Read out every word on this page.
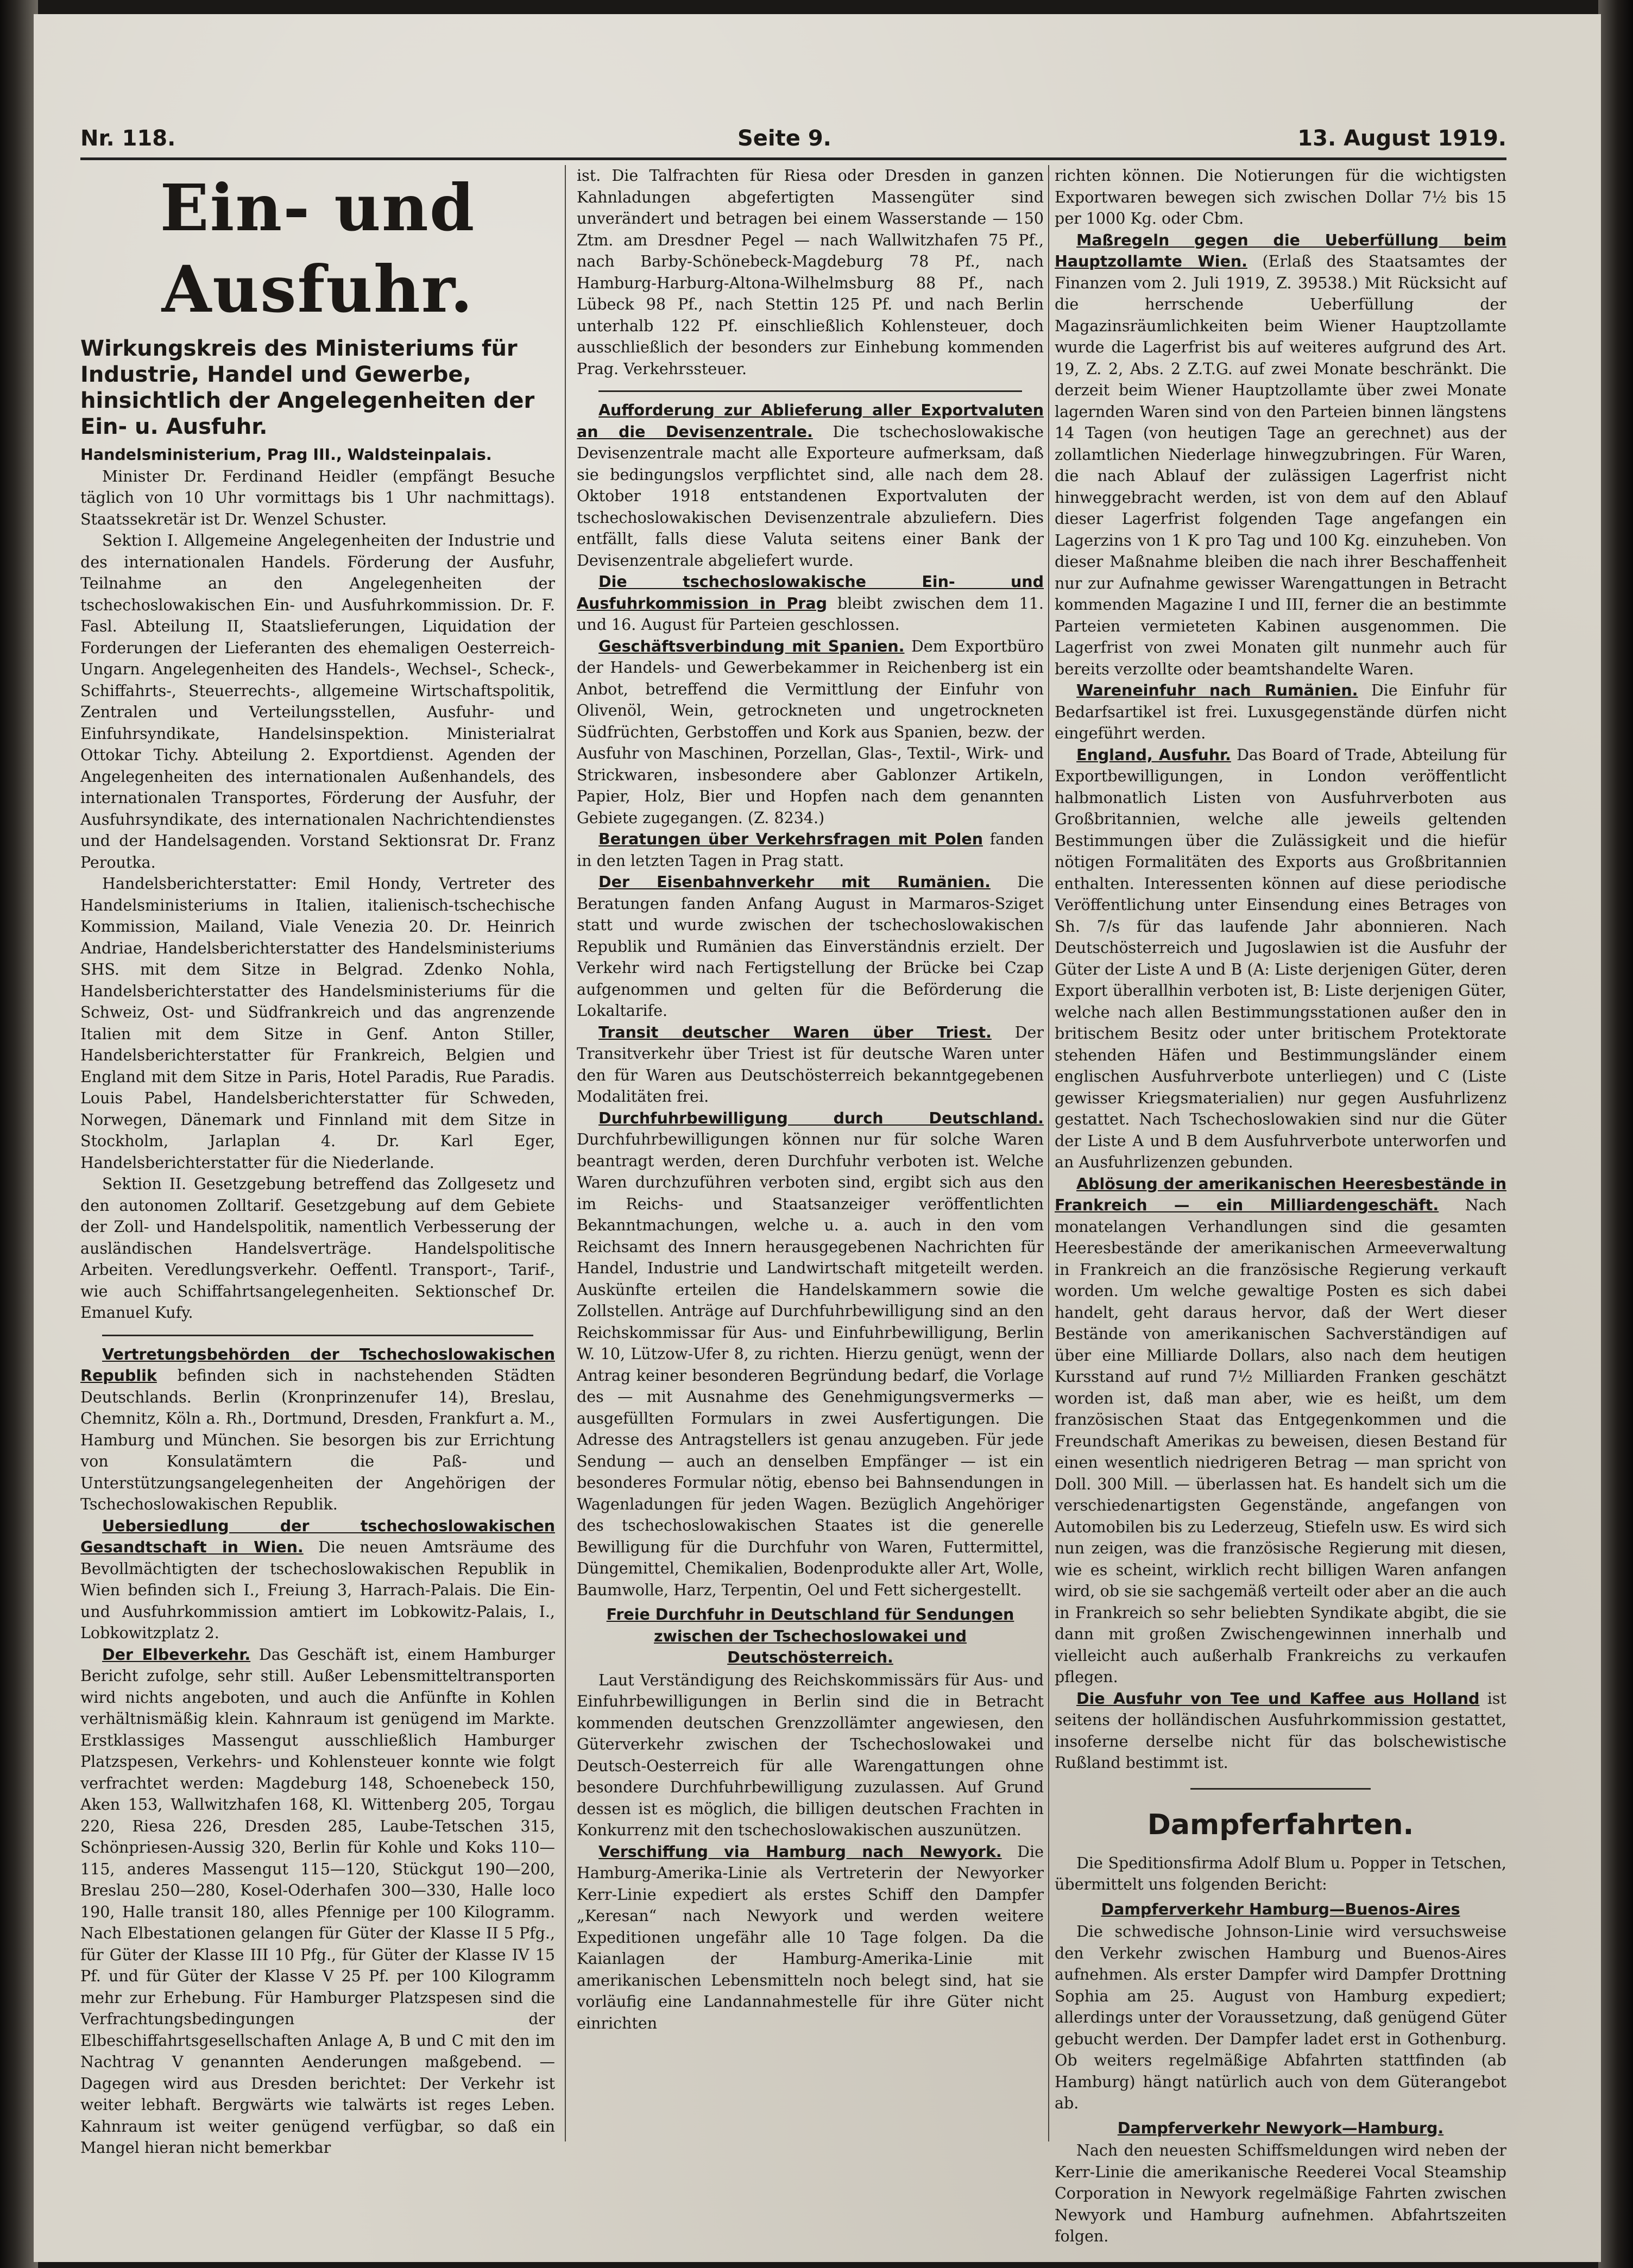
Nr. 118.	Seite 9.	13. August 1919.
Ein- und Ausfuhr.
Wirkungskreis des Ministeriums für Industrie, Handel und Gewerbe, hinsichtlich der Angelegenheiten der Ein- u. Ausfuhr.

Handelsministerium, Prag III., Waldsteinpalais.

Minister Dr. Ferdinand Heidler (empfängt Besuche täglich von 10 Uhr vormittags bis 1 Uhr nachmittags). Staatssekretär ist Dr. Wenzel Schuster.

Sektion I. Allgemeine Angelegenheiten der Industrie und des internationalen Handels. Förderung der Ausfuhr, Teilnahme an den Angelegenheiten der tschechoslowakischen Ein- und Ausfuhrkommission. Dr. F. Fasl. Abteilung II, Staatslieferungen, Liquidation der Forderungen der Lieferanten des ehemaligen Oesterreich-Ungarn. Angelegenheiten des Handels-, Wechsel-, Scheck-, Schiffahrts-, Steuerrechts-, allgemeine Wirtschaftspolitik, Zentralen und Verteilungsstellen, Ausfuhr- und Einfuhrsyndikate, Handelsinspektion. Ministerialrat Ottokar Tichy. Abteilung 2. Exportdienst. Agenden der Angelegenheiten des internationalen Außenhandels, des internationalen Transportes, Förderung der Ausfuhr, der Ausfuhrsyndikate, des internationalen Nachrichtendienstes und der Handelsagenden. Vorstand Sektionsrat Dr. Franz Peroutka.

Handelsberichterstatter: Emil Hondy, Vertreter des Handelsministeriums in Italien, italienisch-tschechische Kommission, Mailand, Viale Venezia 20. Dr. Heinrich Andriae, Handelsberichterstatter des Handelsministeriums SHS. mit dem Sitze in Belgrad. Zdenko Nohla, Handelsberichterstatter des Handelsministeriums für die Schweiz, Ost- und Südfrankreich und das angrenzende Italien mit dem Sitze in Genf. Anton Stiller, Handelsberichterstatter für Frankreich, Belgien und England mit dem Sitze in Paris, Hotel Paradis, Rue Paradis. Louis Pabel, Handelsberichterstatter für Schweden, Norwegen, Dänemark und Finnland mit dem Sitze in Stockholm, Jarlaplan 4. Dr. Karl Eger, Handelsberichterstatter für die Niederlande.

Sektion II. Gesetzgebung betreffend das Zollgesetz und den autonomen Zolltarif. Gesetzgebung auf dem Gebiete der Zoll- und Handelspolitik, namentlich Verbesserung der ausländischen Handelsverträge. Handelspolitische Arbeiten. Veredlungsverkehr. Oeffentl. Transport-, Tarif-, wie auch Schiffahrtsangelegenheiten. Sektionschef Dr. Emanuel Kufy.

Vertretungsbehörden der Tschechoslowakischen Republik befinden sich in nachstehenden Städten Deutschlands. Berlin (Kronprinzenufer 14), Breslau, Chemnitz, Köln a. Rh., Dortmund, Dresden, Frankfurt a. M., Hamburg und München. Sie besorgen bis zur Errichtung von Konsulatämtern die Paß- und Unterstützungsangelegenheiten der Angehörigen der Tschechoslowakischen Republik.

Uebersiedlung der tschechoslowakischen Gesandtschaft in Wien. Die neuen Amtsräume des Bevollmächtigten der tschechoslowakischen Republik in Wien befinden sich I., Freiung 3, Harrach-Palais. Die Ein- und Ausfuhrkommission amtiert im Lobkowitz-Palais, I., Lobkowitzplatz 2.

Der Elbeverkehr. Das Geschäft ist, einem Hamburger Bericht zufolge, sehr still. Außer Lebensmitteltransporten wird nichts angeboten, und auch die Anfünfte in Kohlen verhältnismäßig klein. Kahnraum ist genügend im Markte. Erstklassiges Massengut ausschließlich Hamburger Platzspesen, Verkehrs- und Kohlensteuer konnte wie folgt verfrachtet werden: Magdeburg 148, Schoenebeck 150, Aken 153, Wallwitzhafen 168, Kl. Wittenberg 205, Torgau 220, Riesa 226, Dresden 285, Laube-Tetschen 315, Schönpriesen-Aussig 320, Berlin für Kohle und Koks 110—115, anderes Massengut 115—120, Stückgut 190—200, Breslau 250—280, Kosel-Oderhafen 300—330, Halle loco 190, Halle transit 180, alles Pfennige per 100 Kilogramm. Nach Elbestationen gelangen für Güter der Klasse II 5 Pfg., für Güter der Klasse III 10 Pfg., für Güter der Klasse IV 15 Pf. und für Güter der Klasse V 25 Pf. per 100 Kilogramm mehr zur Erhebung. Für Hamburger Platzspesen sind die Verfrachtungsbedingungen der Elbeschiffahrtsgesellschaften Anlage A, B und C mit den im Nachtrag V genannten Aenderungen maßgebend. — Dagegen wird aus Dresden berichtet: Der Verkehr ist weiter lebhaft. Bergwärts wie talwärts ist reges Leben. Kahnraum ist weiter genügend verfügbar, so daß ein Mangel hieran nicht bemerkbar

ist. Die Talfrachten für Riesa oder Dresden in ganzen Kahnladungen abgefertigten Massengüter sind unverändert und betragen bei einem Wasserstande — 150 Ztm. am Dresdner Pegel — nach Wallwitzhafen 75 Pf., nach Barby-Schönebeck-Magdeburg 78 Pf., nach Hamburg-Harburg-Altona-Wilhelmsburg 88 Pf., nach Lübeck 98 Pf., nach Stettin 125 Pf. und nach Berlin unterhalb 122 Pf. einschließlich Kohlensteuer, doch ausschließlich der besonders zur Einhebung kommenden Prag. Verkehrssteuer.

Aufforderung zur Ablieferung aller Exportvaluten an die Devisenzentrale. Die tschechoslowakische Devisenzentrale macht alle Exporteure aufmerksam, daß sie bedingungslos verpflichtet sind, alle nach dem 28. Oktober 1918 entstandenen Exportvaluten der tschechoslowakischen Devisenzentrale abzuliefern. Dies entfällt, falls diese Valuta seitens einer Bank der Devisenzentrale abgeliefert wurde.

Die tschechoslowakische Ein- und Ausfuhrkommission in Prag bleibt zwischen dem 11. und 16. August für Parteien geschlossen.

Geschäftsverbindung mit Spanien. Dem Exportbüro der Handels- und Gewerbekammer in Reichenberg ist ein Anbot, betreffend die Vermittlung der Einfuhr von Olivenöl, Wein, getrockneten und ungetrockneten Südfrüchten, Gerbstoffen und Kork aus Spanien, bezw. der Ausfuhr von Maschinen, Porzellan, Glas-, Textil-, Wirk- und Strickwaren, insbesondere aber Gablonzer Artikeln, Papier, Holz, Bier und Hopfen nach dem genannten Gebiete zugegangen. (Z. 8234.)

Beratungen über Verkehrsfragen mit Polen fanden in den letzten Tagen in Prag statt.

Der Eisenbahnverkehr mit Rumänien. Die Beratungen fanden Anfang August in Marmaros-Sziget statt und wurde zwischen der tschechoslowakischen Republik und Rumänien das Einverständnis erzielt. Der Verkehr wird nach Fertigstellung der Brücke bei Czap aufgenommen und gelten für die Beförderung die Lokaltarife.

Transit deutscher Waren über Triest. Der Transitverkehr über Triest ist für deutsche Waren unter den für Waren aus Deutschösterreich bekanntgegebenen Modalitäten frei.

Durchfuhrbewilligung durch Deutschland. Durchfuhrbewilligungen können nur für solche Waren beantragt werden, deren Durchfuhr verboten ist. Welche Waren durchzuführen verboten sind, ergibt sich aus den im Reichs- und Staatsanzeiger veröffentlichten Bekanntmachungen, welche u. a. auch in den vom Reichsamt des Innern herausgegebenen Nachrichten für Handel, Industrie und Landwirtschaft mitgeteilt werden. Auskünfte erteilen die Handelskammern sowie die Zollstellen. Anträge auf Durchfuhrbewilligung sind an den Reichskommissar für Aus- und Einfuhrbewilligung, Berlin W. 10, Lützow-Ufer 8, zu richten. Hierzu genügt, wenn der Antrag keiner besonderen Begründung bedarf, die Vorlage des — mit Ausnahme des Genehmigungsvermerks — ausgefüllten Formulars in zwei Ausfertigungen. Die Adresse des Antragstellers ist genau anzugeben. Für jede Sendung — auch an denselben Empfänger — ist ein besonderes Formular nötig, ebenso bei Bahnsendungen in Wagenladungen für jeden Wagen. Bezüglich Angehöriger des tschechoslowakischen Staates ist die generelle Bewilligung für die Durchfuhr von Waren, Futtermittel, Düngemittel, Chemikalien, Bodenprodukte aller Art, Wolle, Baumwolle, Harz, Terpentin, Oel und Fett sichergestellt.

Freie Durchfuhr in Deutschland für Sendungen zwischen der Tschechoslowakei und Deutschösterreich.

Laut Verständigung des Reichskommissärs für Aus- und Einfuhrbewilligungen in Berlin sind die in Betracht kommenden deutschen Grenzzollämter angewiesen, den Güterverkehr zwischen der Tschechoslowakei und Deutsch-Oesterreich für alle Warengattungen ohne besondere Durchfuhrbewilligung zuzulassen. Auf Grund dessen ist es möglich, die billigen deutschen Frachten in Konkurrenz mit den tschechoslowakischen auszunützen.

Verschiffung via Hamburg nach Newyork. Die Hamburg-Amerika-Linie als Vertreterin der Newyorker Kerr-Linie expediert als erstes Schiff den Dampfer „Keresan“ nach Newyork und werden weitere Expeditionen ungefähr alle 10 Tage folgen. Da die Kaianlagen der Hamburg-Amerika-Linie mit amerikanischen Lebensmitteln noch belegt sind, hat sie vorläufig eine Landannahmestelle für ihre Güter nicht einrichten

richten können. Die Notierungen für die wichtigsten Exportwaren bewegen sich zwischen Dollar 7½ bis 15 per 1000 Kg. oder Cbm.

Maßregeln gegen die Ueberfüllung beim Hauptzollamte Wien. (Erlaß des Staatsamtes der Finanzen vom 2. Juli 1919, Z. 39538.) Mit Rücksicht auf die herrschende Ueberfüllung der Magazinsräumlichkeiten beim Wiener Hauptzollamte wurde die Lagerfrist bis auf weiteres aufgrund des Art. 19, Z. 2, Abs. 2 Z.T.G. auf zwei Monate beschränkt. Die derzeit beim Wiener Hauptzollamte über zwei Monate lagernden Waren sind von den Parteien binnen längstens 14 Tagen (von heutigen Tage an gerechnet) aus der zollamtlichen Niederlage hinwegzubringen. Für Waren, die nach Ablauf der zulässigen Lagerfrist nicht hinweggebracht werden, ist von dem auf den Ablauf dieser Lagerfrist folgenden Tage angefangen ein Lagerzins von 1 K pro Tag und 100 Kg. einzuheben. Von dieser Maßnahme bleiben die nach ihrer Beschaffenheit nur zur Aufnahme gewisser Warengattungen in Betracht kommenden Magazine I und III, ferner die an bestimmte Parteien vermieteten Kabinen ausgenommen. Die Lagerfrist von zwei Monaten gilt nunmehr auch für bereits verzollte oder beamtshandelte Waren.

Wareneinfuhr nach Rumänien. Die Einfuhr für Bedarfsartikel ist frei. Luxusgegenstände dürfen nicht eingeführt werden.

England, Ausfuhr. Das Board of Trade, Abteilung für Exportbewilligungen, in London veröffentlicht halbmonatlich Listen von Ausfuhrverboten aus Großbritannien, welche alle jeweils geltenden Bestimmungen über die Zulässigkeit und die hiefür nötigen Formalitäten des Exports aus Großbritannien enthalten. Interessenten können auf diese periodische Veröffentlichung unter Einsendung eines Betrages von Sh. 7/s für das laufende Jahr abonnieren. Nach Deutschösterreich und Jugoslawien ist die Ausfuhr der Güter der Liste A und B (A: Liste derjenigen Güter, deren Export überallhin verboten ist, B: Liste derjenigen Güter, welche nach allen Bestimmungsstationen außer den in britischem Besitz oder unter britischem Protektorate stehenden Häfen und Bestimmungsländer einem englischen Ausfuhrverbote unterliegen) und C (Liste gewisser Kriegsmaterialien) nur gegen Ausfuhrlizenz gestattet. Nach Tschechoslowakien sind nur die Güter der Liste A und B dem Ausfuhrverbote unterworfen und an Ausfuhrlizenzen gebunden.

Ablösung der amerikanischen Heeresbestände in Frankreich — ein Milliardengeschäft. Nach monatelangen Verhandlungen sind die gesamten Heeresbestände der amerikanischen Armeeverwaltung in Frankreich an die französische Regierung verkauft worden. Um welche gewaltige Posten es sich dabei handelt, geht daraus hervor, daß der Wert dieser Bestände von amerikanischen Sachverständigen auf über eine Milliarde Dollars, also nach dem heutigen Kursstand auf rund 7½ Milliarden Franken geschätzt worden ist, daß man aber, wie es heißt, um dem französischen Staat das Entgegenkommen und die Freundschaft Amerikas zu beweisen, diesen Bestand für einen wesentlich niedrigeren Betrag — man spricht von Doll. 300 Mill. — überlassen hat. Es handelt sich um die verschiedenartigsten Gegenstände, angefangen von Automobilen bis zu Lederzeug, Stiefeln usw. Es wird sich nun zeigen, was die französische Regierung mit diesen, wie es scheint, wirklich recht billigen Waren anfangen wird, ob sie sie sachgemäß verteilt oder aber an die auch in Frankreich so sehr beliebten Syndikate abgibt, die sie dann mit großen Zwischengewinnen innerhalb und vielleicht auch außerhalb Frankreichs zu verkaufen pflegen.

Die Ausfuhr von Tee und Kaffee aus Holland ist seitens der holländischen Ausfuhrkommission gestattet, insoferne derselbe nicht für das bolschewistische Rußland bestimmt ist.

Dampferfahrten.

Die Speditionsfirma Adolf Blum u. Popper in Tetschen, übermittelt uns folgenden Bericht:

Dampferverkehr Hamburg—Buenos-Aires

Die schwedische Johnson-Linie wird versuchsweise den Verkehr zwischen Hamburg und Buenos-Aires aufnehmen. Als erster Dampfer wird Dampfer Drottning Sophia am 25. August von Hamburg expediert; allerdings unter der Voraussetzung, daß genügend Güter gebucht werden. Der Dampfer ladet erst in Gothenburg. Ob weiters regelmäßige Abfahrten stattfinden (ab Hamburg) hängt natürlich auch von dem Güterangebot ab.

Dampferverkehr Newyork—Hamburg.

Nach den neuesten Schiffsmeldungen wird neben der Kerr-Linie die amerikanische Reederei Vocal Steamship Corporation in Newyork regelmäßige Fahrten zwischen Newyork und Hamburg aufnehmen. Abfahrtszeiten folgen.
